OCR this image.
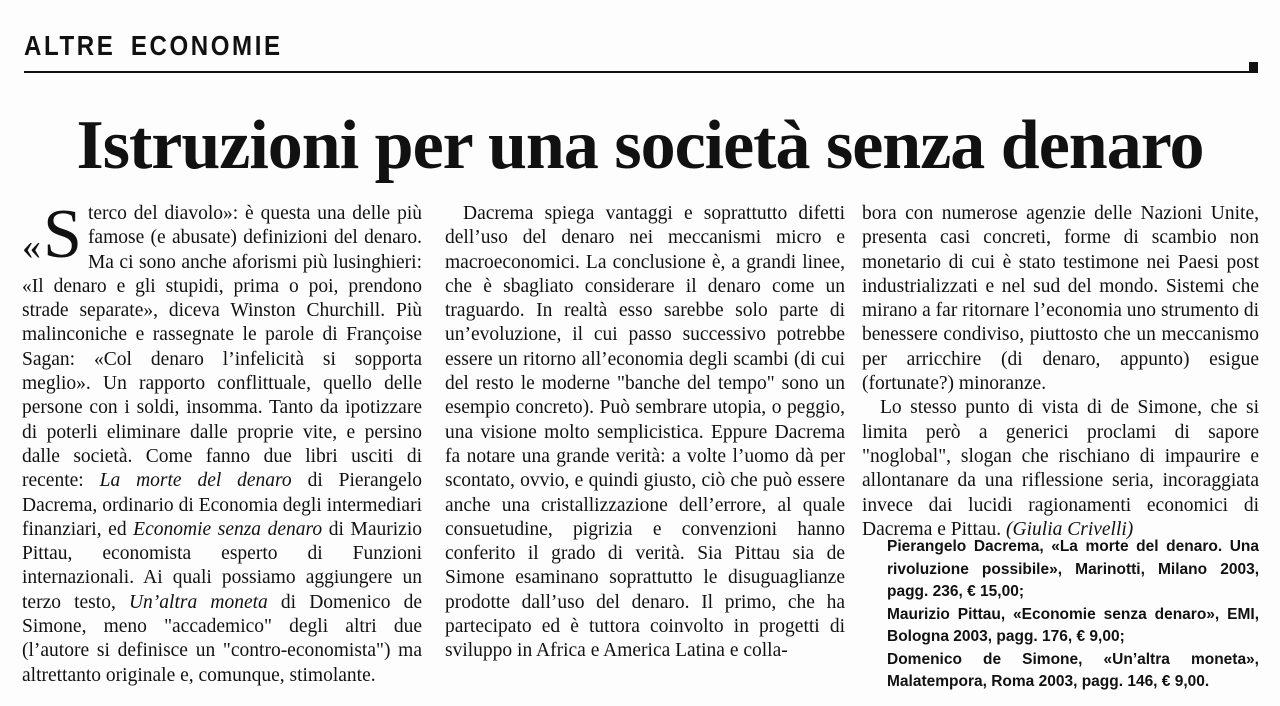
ALTRE ECONOMIE
Istruzioni per una società senza denaro

« S terco del diavolo»: è questa una delle più famose (e abusate) definizioni del denaro. Ma ci sono anche aforismi più lusinghieri: «Il denaro e gli stupidi, prima o poi, prendono strade separate», diceva Winston Churchill. Più malinconiche e rassegnate le parole di Françoise Sagan: «Col denaro l’infelicità si sopporta meglio». Un rapporto conflittuale, quello delle persone con i soldi, insomma. Tanto da ipotizzare di poterli eliminare dalle proprie vite, e persino dalle società. Come fanno due libri usciti di recente: La morte del denaro di Pierangelo Dacrema, ordinario di Economia degli intermediari finanziari, ed Economie senza denaro di Maurizio Pittau, economista esperto di Funzioni internazionali. Ai quali possiamo aggiungere un terzo testo, Un’altra moneta di Domenico de Simone, meno "accademico" degli altri due (l’autore si definisce un "contro-economista") ma altrettanto originale e, comunque, stimolante.

Dacrema spiega vantaggi e soprattutto difetti dell’uso del denaro nei meccanismi micro e macroeconomici. La conclusione è, a grandi linee, che è sbagliato considerare il denaro come un traguardo. In realtà esso sarebbe solo parte di un’evoluzione, il cui passo successivo potrebbe essere un ritorno all’economia degli scambi (di cui del resto le moderne "banche del tempo" sono un esempio concreto). Può sembrare utopia, o peggio, una visione molto semplicistica. Eppure Dacrema fa notare una grande verità: a volte l’uomo dà per scontato, ovvio, e quindi giusto, ciò che può essere anche una cristallizzazione dell’errore, al quale consuetudine, pigrizia e convenzioni hanno conferito il grado di verità. Sia Pittau sia de Simone esaminano soprattutto le disuguaglianze prodotte dall’uso del denaro. Il primo, che ha partecipato ed è tuttora coinvolto in progetti di sviluppo in Africa e America Latina e colla-

bora con numerose agenzie delle Nazioni Unite, presenta casi concreti, forme di scambio non monetario di cui è stato testimone nei Paesi post industrializzati e nel sud del mondo. Sistemi che mirano a far ritornare l’economia uno strumento di benessere condiviso, piuttosto che un meccanismo per arricchire (di denaro, appunto) esigue (fortunate?) minoranze.

Lo stesso punto di vista di de Simone, che si limita però a generici proclami di sapore "noglobal", slogan che rischiano di impaurire e allontanare da una riflessione seria, incoraggiata invece dai lucidi ragionamenti economici di Dacrema e Pittau. (Giulia Crivelli)

Pierangelo Dacrema, «La morte del denaro. Una rivoluzione possibile», Marinotti, Milano 2003, pagg. 236, € 15,00;

Maurizio Pittau, «Economie senza denaro», EMI, Bologna 2003, pagg. 176, € 9,00;

Domenico de Simone, «Un’altra moneta», Malatempora, Roma 2003, pagg. 146, € 9,00.
